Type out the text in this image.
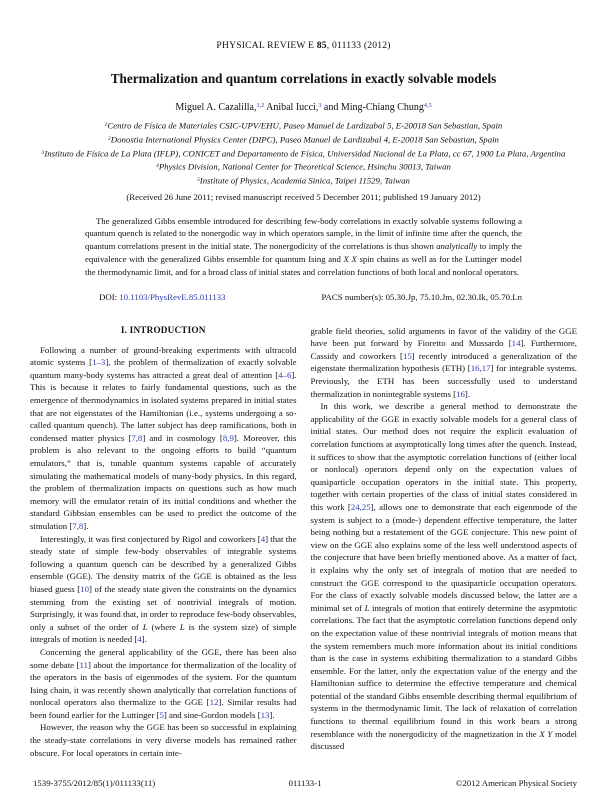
PHYSICAL REVIEW E 85, 011133 (2012)
Thermalization and quantum correlations in exactly solvable models
Miguel A. Cazalilla,$^{1,2}$ Anibal Iucci,$^3$ and Ming-Chiang Chung$^{4,5}$
$^1$Centro de Física de Materiales CSIC-UPV/EHU, Paseo Manuel de Lardizabal 5, E-20018 San Sebastian, Spain
$^2$Donostia International Physics Center (DIPC), Paseo Manuel de Lardizabal 4, E-20018 San Sebastian, Spain
$^3$Instituto de Física de La Plata (IFLP), CONICET and Departamento de Física, Universidad Nacional de La Plata, cc 67, 1900 La Plata, Argentina
$^4$Physics Division, National Center for Theoretical Science, Hsinchu 30013, Taiwan
$^5$Institute of Physics, Academia Sinica, Taipei 11529, Taiwan
(Received 26 June 2011; revised manuscript received 5 December 2011; published 19 January 2012)
The generalized Gibbs ensemble introduced for describing few-body correlations in exactly solvable systems following a quantum quench is related to the nonergodic way in which operators sample, in the limit of infinite time after the quench, the quantum correlations present in the initial state. The nonergodicity of the correlations is thus shown analytically to imply the equivalence with the generalized Gibbs ensemble for quantum Ising and X X spin chains as well as for the Luttinger model the thermodynamic limit, and for a broad class of initial states and correlation functions of both local and nonlocal operators.
DOI: 10.1103/PhysRevE.85.011133	PACS number(s): 05.30.Jp, 75.10.Jm, 02.30.Ik, 05.70.Ln
I. INTRODUCTION

Following a number of ground-breaking experiments with ultracold atomic systems [1–3], the problem of thermalization of exactly solvable quantum many-body systems has attracted a great deal of attention [4–6]. This is because it relates to fairly fundamental questions, such as the emergence of thermodynamics in isolated systems prepared in initial states that are not eigenstates of the Hamiltonian (i.e., systems undergoing a so-called quantum quench). The latter subject has deep ramifications, both in condensed matter physics [7,8] and in cosmology [8,9]. Moreover, this problem is also relevant to the ongoing efforts to build “quantum emulators,” that is, tunable quantum systems capable of accurately simulating the mathematical models of many-body physics. In this regard, the problem of thermalization impacts on questions such as how much memory will the emulator retain of its initial conditions and whether the standard Gibbsian ensembles can be used to predict the outcome of the simulation [7,8].

Interestingly, it was first conjectured by Rigol and coworkers [4] that the steady state of simple few-body observables of integrable systems following a quantum quench can be described by a generalized Gibbs ensemble (GGE). The density matrix of the GGE is obtained as the less biased guess [10] of the steady state given the constraints on the dynamics stemming from the existing set of nontrivial integrals of motion. Surprisingly, it was found that, in order to reproduce few-body observables, only a subset of the order of L (where L is the system size) of simple integrals of motion is needed [4].

Concerning the general applicability of the GGE, there has been also some debate [11] about the importance for thermalization of the locality of the operators in the basis of eigenmodes of the system. For the quantum Ising chain, it was recently shown analytically that correlation functions of nonlocal operators also thermalize to the GGE [12]. Similar results had been found earlier for the Luttinger [5] and sine-Gordon models [13].

However, the reason why the GGE has been so successful in explaining the steady-state correlations in very diverse models has remained rather obscure. For local operators in certain inte-

grable field theories, solid arguments in favor of the validity of the GGE have been put forward by Fioretto and Mussardo [14]. Furthermore, Cassidy and coworkers [15] recently introduced a generalization of the eigenstate thermalization hypothesis (ETH) [16,17] for integrable systems. Previously, the ETH has been successfully used to understand thermalization in nonintegrable systems [16].

In this work, we describe a general method to demonstrate the applicability of the GGE in exactly solvable models for a general class of initial states. Our method does not require the explicit evaluation of correlation functions at asymptotically long times after the quench. Instead, it suffices to show that the asymptotic correlation functions of (either local or nonlocal) operators depend only on the expectation values of quasiparticle occupation operators in the initial state. This property, together with certain properties of the class of initial states considered in this work [24,25], allows one to demonstrate that each eigenmode of the system is subject to a (mode-) dependent effective temperature, the latter being nothing but a restatement of the GGE conjecture. This new point of view on the GGE also explains some of the less well understood aspects of the conjecture that have been briefly mentioned above. As a matter of fact, it explains why the only set of integrals of motion that are needed to construct the GGE correspond to the quasiparticle occupation operators. For the class of exactly solvable models discussed below, the latter are a minimal set of L integrals of motion that entirely determine the asypmtotic correlations. The fact that the asymptotic correlation functions depend only on the expectation value of these nontrivial integrals of motion means that the system remembers much more information about its initial conditions than is the case in systems exhibiting thermalization to a standard Gibbs ensemble. For the latter, only the expectation value of the energy and the Hamiltonian suffice to determine the effective temperature and chemical potential of the standard Gibbs ensemble describing thermal equilibrium of systems in the thermodynamic limit. The lack of relaxation of correlation functions to thermal equilibrium found in this work bears a strong resemblance with the nonergodicity of the magnetization in the X Y model discussed

1539-3755/2012/85(1)/011133(11)	011133-1	©2012 American Physical Society
